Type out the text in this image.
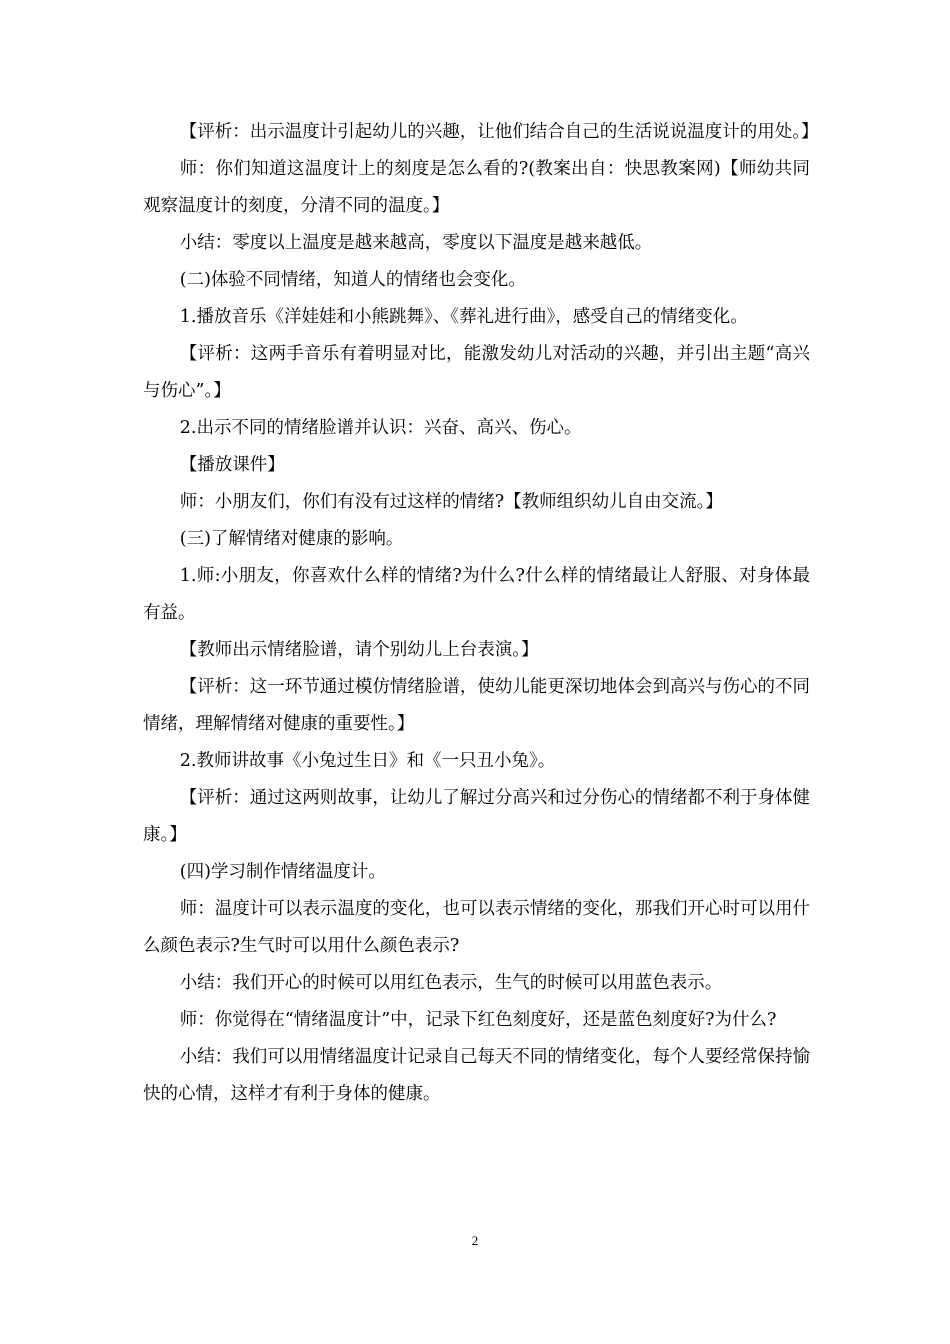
【评析：出示温度计引起幼儿的兴趣，让他们结合自己的生活说说温度计的用处。】

师：你们知道这温度计上的刻度是怎么看的?(教案出自：快思教案网)【师幼共同观察温度计的刻度，分清不同的温度。】

小结：零度以上温度是越来越高，零度以下温度是越来越低。

(二)体验不同情绪，知道人的情绪也会变化。

1.播放音乐《洋娃娃和小熊跳舞》、《葬礼进行曲》，感受自己的情绪变化。

【评析：这两手音乐有着明显对比，能激发幼儿对活动的兴趣，并引出主题“高兴与伤心”。】

2.出示不同的情绪脸谱并认识：兴奋、高兴、伤心。

【播放课件】

师：小朋友们，你们有没有过这样的情绪?【教师组织幼儿自由交流。】

(三)了解情绪对健康的影响。

1.师:小朋友，你喜欢什么样的情绪?为什么?什么样的情绪最让人舒服、对身体最有益。

【教师出示情绪脸谱，请个别幼儿上台表演。】

【评析：这一环节通过模仿情绪脸谱，使幼儿能更深切地体会到高兴与伤心的不同情绪，理解情绪对健康的重要性。】

2.教师讲故事《小兔过生日》和《一只丑小兔》。

【评析：通过这两则故事，让幼儿了解过分高兴和过分伤心的情绪都不利于身体健康。】

(四)学习制作情绪温度计。

师：温度计可以表示温度的变化，也可以表示情绪的变化，那我们开心时可以用什么颜色表示?生气时可以用什么颜色表示?

小结：我们开心的时候可以用红色表示，生气的时候可以用蓝色表示。

师：你觉得在“情绪温度计”中，记录下红色刻度好，还是蓝色刻度好?为什么?

小结：我们可以用情绪温度计记录自己每天不同的情绪变化，每个人要经常保持愉快的心情，这样才有利于身体的健康。

2
